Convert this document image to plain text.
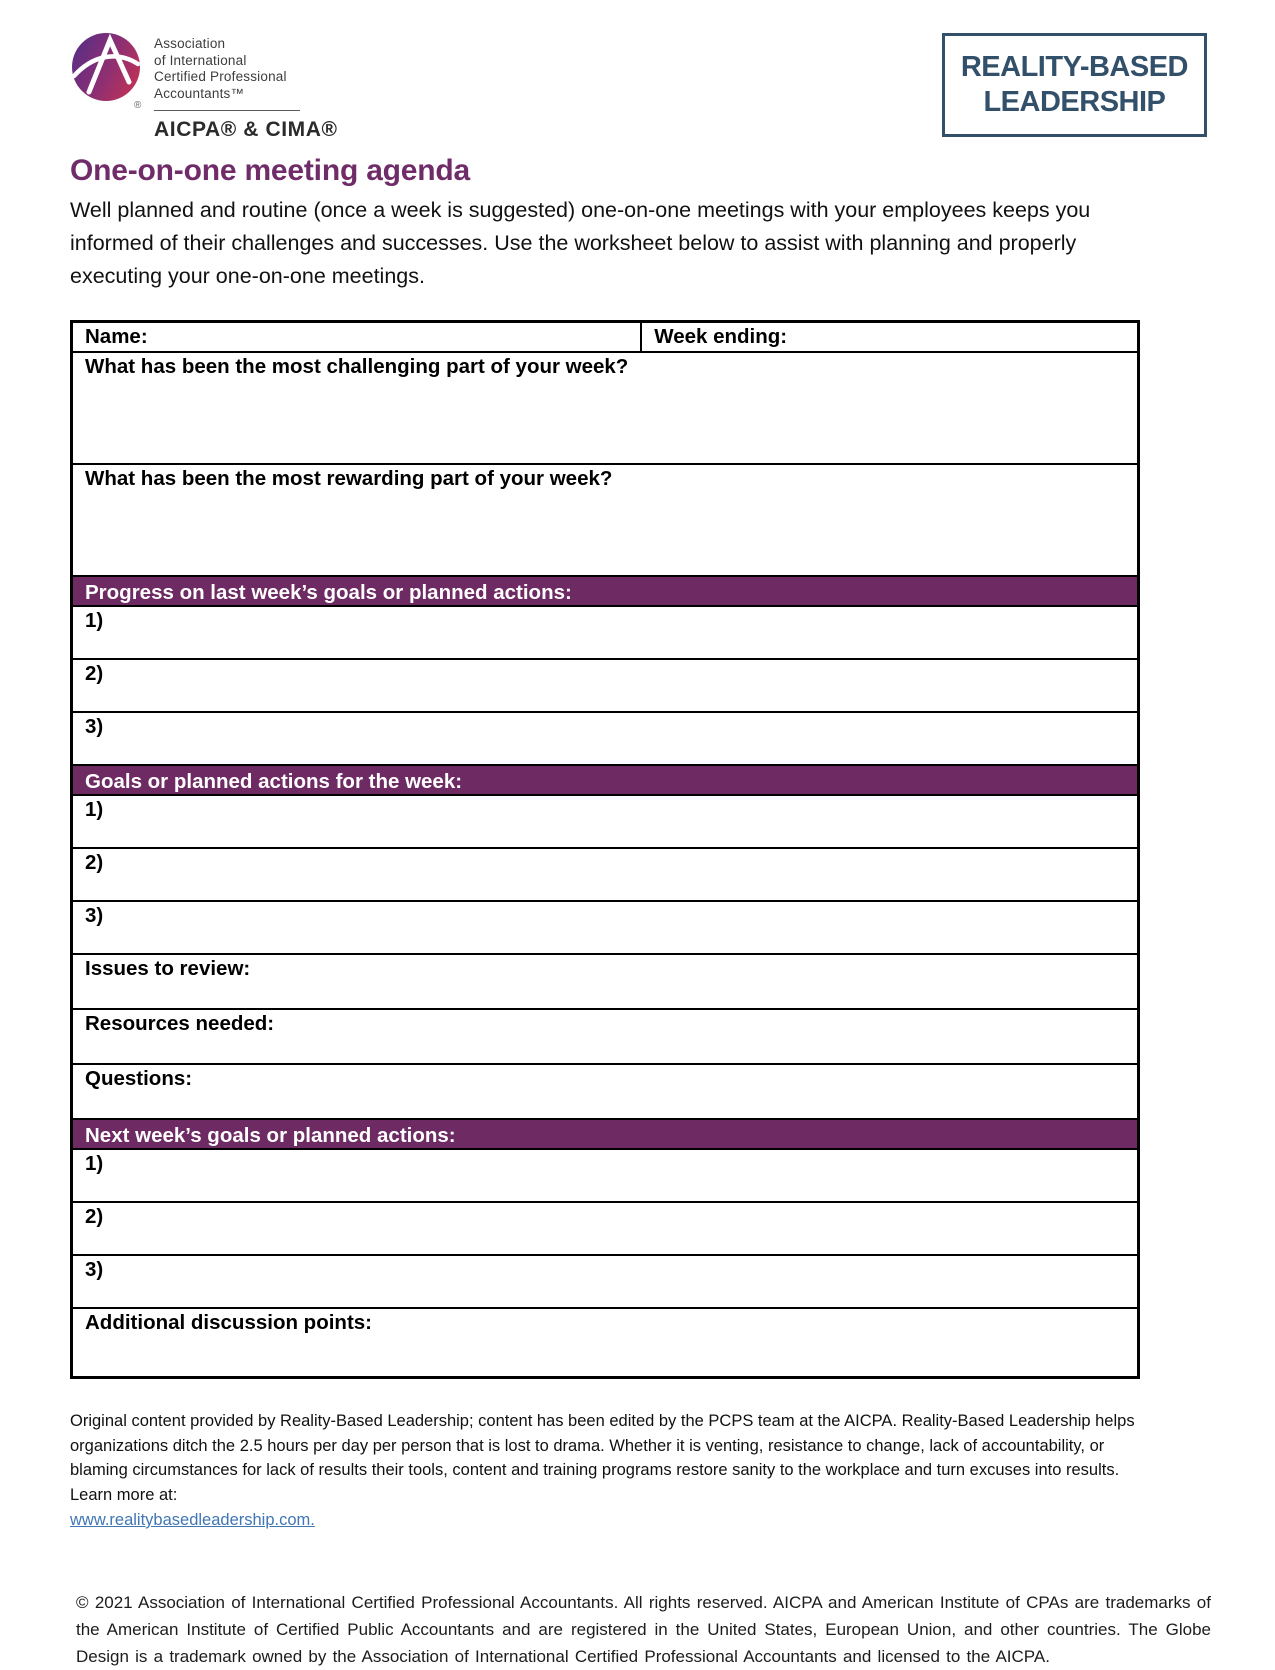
®
Association
of International
Certified Professional
Accountants™
AICPA® & CIMA®
REALITY-BASED
LEADERSHIP
One-on-one meeting agenda

Well planned and routine (once a week is suggested) one-on-one meetings with your employees keeps you informed of their challenges and successes. Use the worksheet below to assist with planning and properly executing your one-on-one meetings.

Name:	Week ending:
What has been the most challenging part of your week?
What has been the most rewarding part of your week?
Progress on last week’s goals or planned actions:
1)
2)
3)
Goals or planned actions for the week:
1)
2)
3)
Issues to review:
Resources needed:
Questions:
Next week’s goals or planned actions:
1)
2)
3)
Additional discussion points:

Original content provided by Reality-Based Leadership; content has been edited by the PCPS team at the AICPA. Reality-Based Leadership helps organizations ditch the 2.5 hours per day per person that is lost to drama. Whether it is venting, resistance to change, lack of accountability, or blaming circumstances for lack of results their tools, content and training programs restore sanity to the workplace and turn excuses into results. Learn more at:
www.realitybasedleadership.com.

© 2021 Association of International Certified Professional Accountants. All rights reserved. AICPA and American Institute of CPAs are trademarks of the American Institute of Certified Public Accountants and are registered in the United States, European Union, and other countries. The Globe Design is a trademark owned by the Association of International Certified Professional Accountants and licensed to the AICPA.
